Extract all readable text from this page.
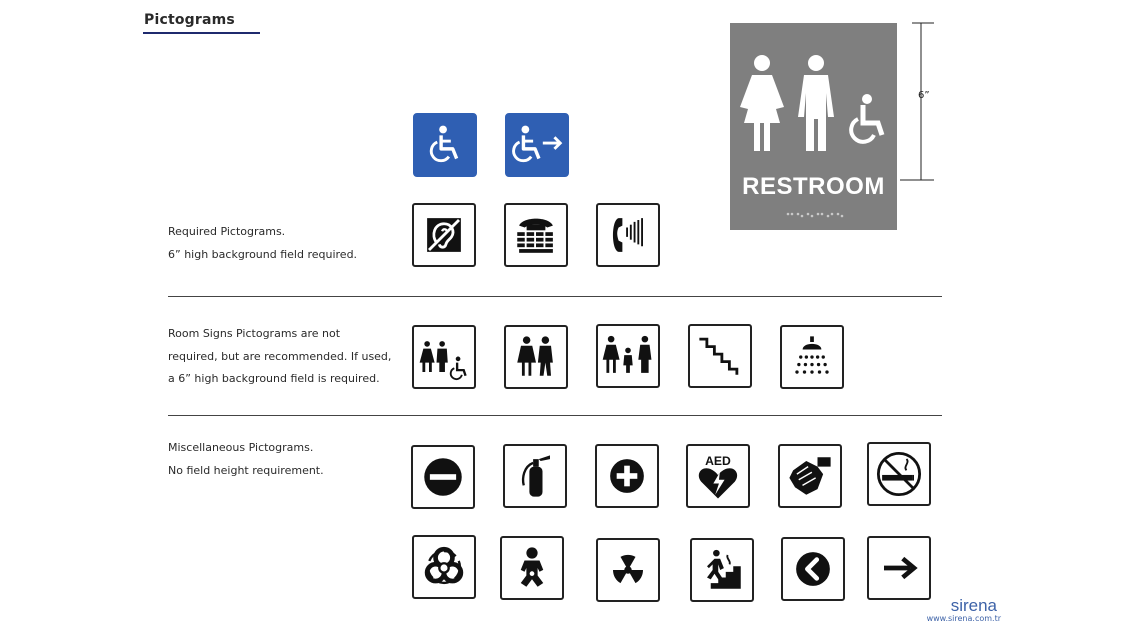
Pictograms
Required Pictograms.
6” high background field required.
Room Signs Pictograms are not
required, but are recommended. If used,
a 6” high background field is required.
Miscellaneous Pictograms.
No field height requirement.
RESTROOM
6”
AED
sirena
www.sirena.com.tr
